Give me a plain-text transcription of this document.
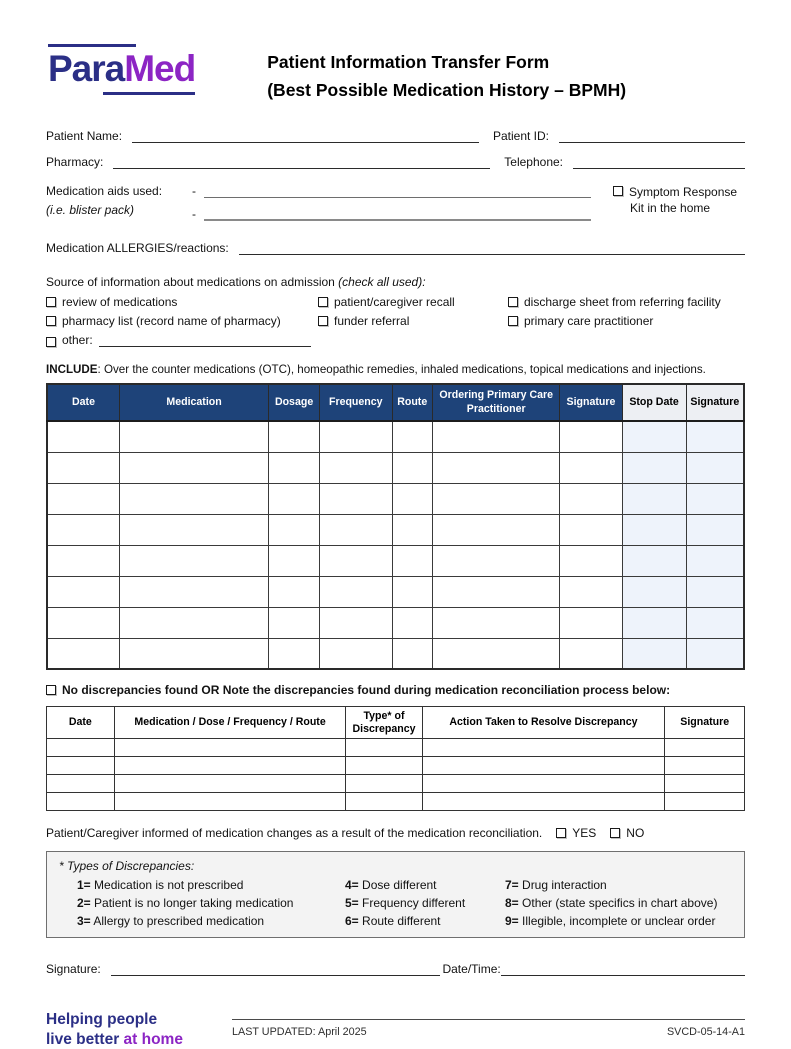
ParaMed	Patient Information Transfer Form
(Best Possible Medication History – BPMH)
Patient Name:	Patient ID:
Pharmacy:	Telephone:
Medication aids used:
(i.e. blister pack)
-
-
Symptom Response
Kit in the home
Medication ALLERGIES/reactions:
Source of information about medications on admission (check all used):
review of medications	patient/caregiver recall	discharge sheet from referring facility
pharmacy list (record name of pharmacy)	funder referral	primary care practitioner
other:
INCLUDE: Over the counter medications (OTC), homeopathic remedies, inhaled medications, topical medications and injections.
Date	Medication	Dosage	Frequency	Route	Ordering Primary Care Practitioner	Signature	Stop Date	Signature

No discrepancies found OR Note the discrepancies found during medication reconciliation process below:
Date	Medication / Dose / Frequency / Route	Type* of Discrepancy	Action Taken to Resolve Discrepancy	Signature

Patient/Caregiver informed of medication changes as a result of the medication reconciliation.	YES	NO
* Types of Discrepancies:
1= Medication is not prescribed	4= Dose different	7= Drug interaction
2= Patient is no longer taking medication	5= Frequency different	8= Other (state specifics in chart above)
3= Allergy to prescribed medication	6= Route different	9= Illegible, incomplete or unclear order
Signature:	Date/Time:
Helping people
live better at home	LAST UPDATED: April 2025	SVCD-05-14-A1
